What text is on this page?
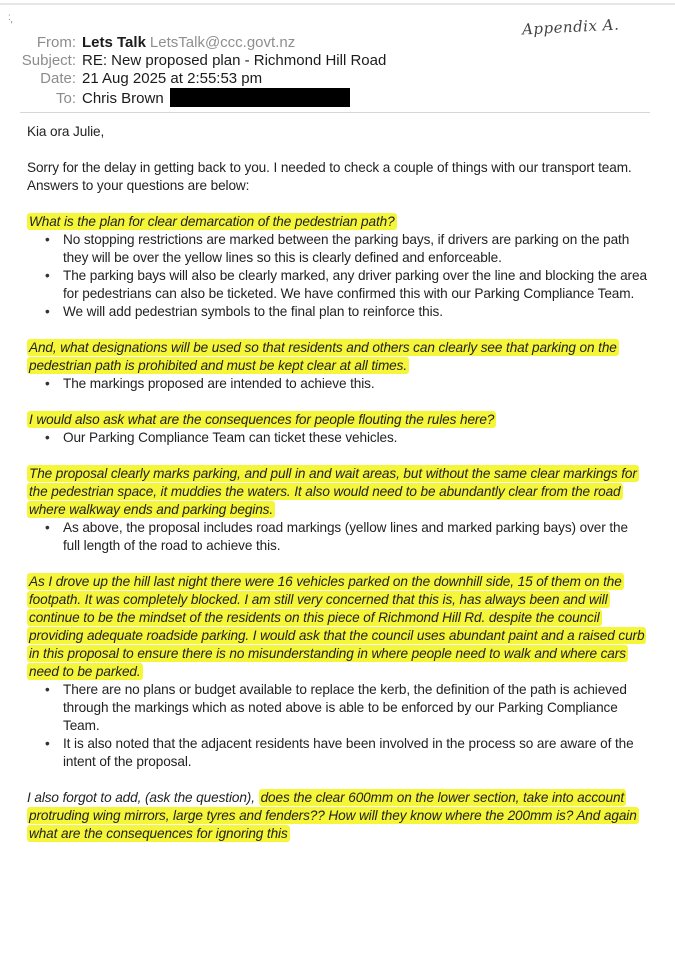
:
'	Appendix A.
From: Lets Talk LetsTalk@ccc.govt.nz
Subject: RE: New proposed plan - Richmond Hill Road
Date: 21 Aug 2025 at 2:55:53 pm
To: Chris Brown

Kia ora Julie,

Sorry for the delay in getting back to you. I needed to check a couple of things with our transport team. Answers to your questions are below:

What is the plan for clear demarcation of the pedestrian path?

• No stopping restrictions are marked between the parking bays, if drivers are parking on the path they will be over the yellow lines so this is clearly defined and enforceable.
• The parking bays will also be clearly marked, any driver parking over the line and blocking the area for pedestrians can also be ticketed. We have confirmed this with our Parking Compliance Team.
• We will add pedestrian symbols to the final plan to reinforce this.

And, what designations will be used so that residents and others can clearly see that parking on the pedestrian path is prohibited and must be kept clear at all times.

• The markings proposed are intended to achieve this.

I would also ask what are the consequences for people flouting the rules here?

• Our Parking Compliance Team can ticket these vehicles.

The proposal clearly marks parking, and pull in and wait areas, but without the same clear markings for the pedestrian space, it muddies the waters. It also would need to be abundantly clear from the road where walkway ends and parking begins.

• As above, the proposal includes road markings (yellow lines and marked parking bays) over the full length of the road to achieve this.

As I drove up the hill last night there were 16 vehicles parked on the downhill side, 15 of them on the footpath. It was completely blocked. I am still very concerned that this is, has always been and will continue to be the mindset of the residents on this piece of Richmond Hill Rd. despite the council providing adequate roadside parking. I would ask that the council uses abundant paint and a raised curb in this proposal to ensure there is no misunderstanding in where people need to walk and where cars need to be parked.

• There are no plans or budget available to replace the kerb, the definition of the path is achieved through the markings which as noted above is able to be enforced by our Parking Compliance Team.
• It is also noted that the adjacent residents have been involved in the process so are aware of the intent of the proposal.

I also forgot to add, (ask the question), does the clear 600mm on the lower section, take into account protruding wing mirrors, large tyres and fenders?? How will they know where the 200mm is? And again what are the consequences for ignoring this
